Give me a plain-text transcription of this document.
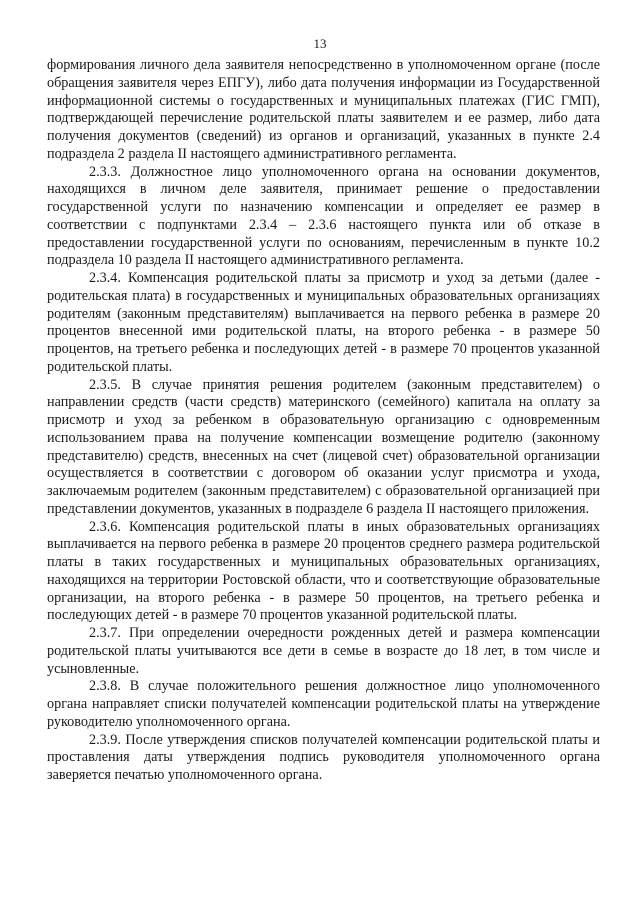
13

формирования личного дела заявителя непосредственно в уполномоченном органе (после обращения заявителя через ЕПГУ), либо дата получения информации из Государственной информационной системы о государственных и муниципальных платежах (ГИС ГМП), подтверждающей перечисление родительской платы заявителем и ее размер, либо дата получения документов (сведений) из органов и организаций, указанных в пункте 2.4 подраздела 2 раздела II настоящего административного регламента.

2.3.3. Должностное лицо уполномоченного органа на основании документов, находящихся в личном деле заявителя, принимает решение о предоставлении государственной услуги по назначению компенсации и определяет ее размер в соответствии с подпунктами 2.3.4 – 2.3.6 настоящего пункта или об отказе в предоставлении государственной услуги по основаниям, перечисленным в пункте 10.2 подраздела 10 раздела II настоящего административного регламента.

2.3.4. Компенсация родительской платы за присмотр и уход за детьми (далее - родительская плата) в государственных и муниципальных образовательных организациях родителям (законным представителям) выплачивается на первого ребенка в размере 20 процентов внесенной ими родительской платы, на второго ребенка - в размере 50 процентов, на третьего ребенка и последующих детей - в размере 70 процентов указанной родительской платы.

2.3.5. В случае принятия решения родителем (законным представителем) о направлении средств (части средств) материнского (семейного) капитала на оплату за присмотр и уход за ребенком в образовательную организацию с одновременным использованием права на получение компенсации возмещение родителю (законному представителю) средств, внесенных на счет (лицевой счет) образовательной организации осуществляется в соответствии с договором об оказании услуг присмотра и ухода, заключаемым родителем (законным представителем) с образовательной организацией при представлении документов, указанных в подразделе 6 раздела II настоящего приложения.

2.3.6. Компенсация родительской платы в иных образовательных организациях выплачивается на первого ребенка в размере 20 процентов среднего размера родительской платы в таких государственных и муниципальных образовательных организациях, находящихся на территории Ростовской области, что и соответствующие образовательные организации, на второго ребенка - в размере 50 процентов, на третьего ребенка и последующих детей - в размере 70 процентов указанной родительской платы.

2.3.7. При определении очередности рожденных детей и размера компенсации родительской платы учитываются все дети в семье в возрасте до 18 лет, в том числе и усыновленные.

2.3.8. В случае положительного решения должностное лицо уполномоченного органа направляет списки получателей компенсации родительской платы на утверждение руководителю уполномоченного органа.

2.3.9. После утверждения списков получателей компенсации родительской платы и проставления даты утверждения подпись руководителя уполномоченного органа заверяется печатью уполномоченного органа.
